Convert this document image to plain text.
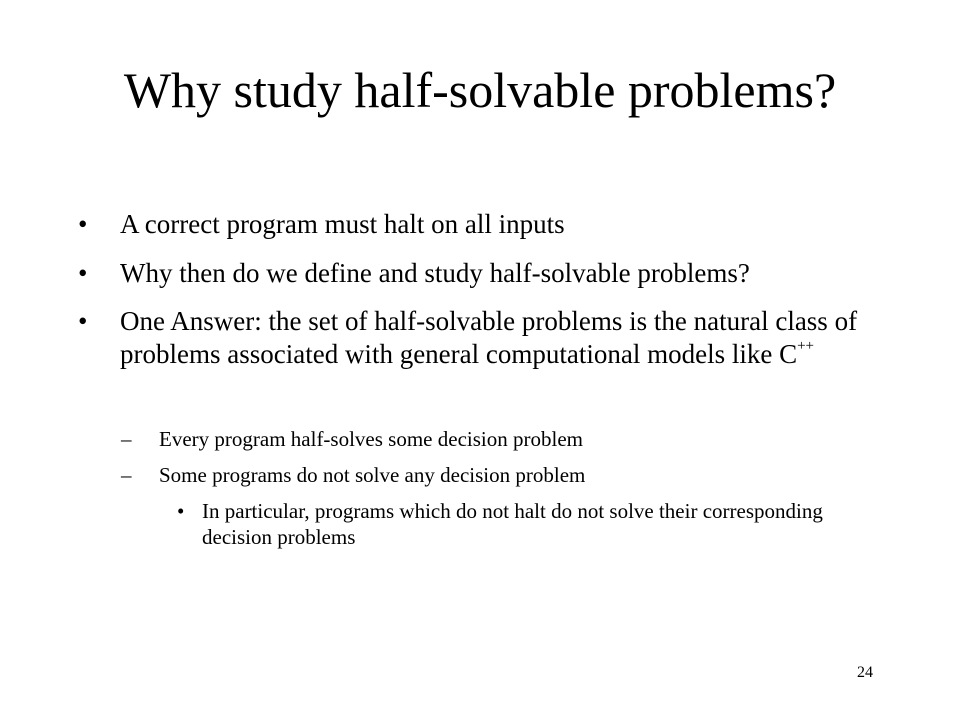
Why study half-solvable problems?
• A correct program must halt on all inputs
• Why then do we define and study half-solvable problems?
• One Answer: the set of half-solvable problems is the natural class of problems associated with general computational models like C++
– Every program half-solves some decision problem
– Some programs do not solve any decision problem
• In particular, programs which do not halt do not solve their corresponding decision problems
24
